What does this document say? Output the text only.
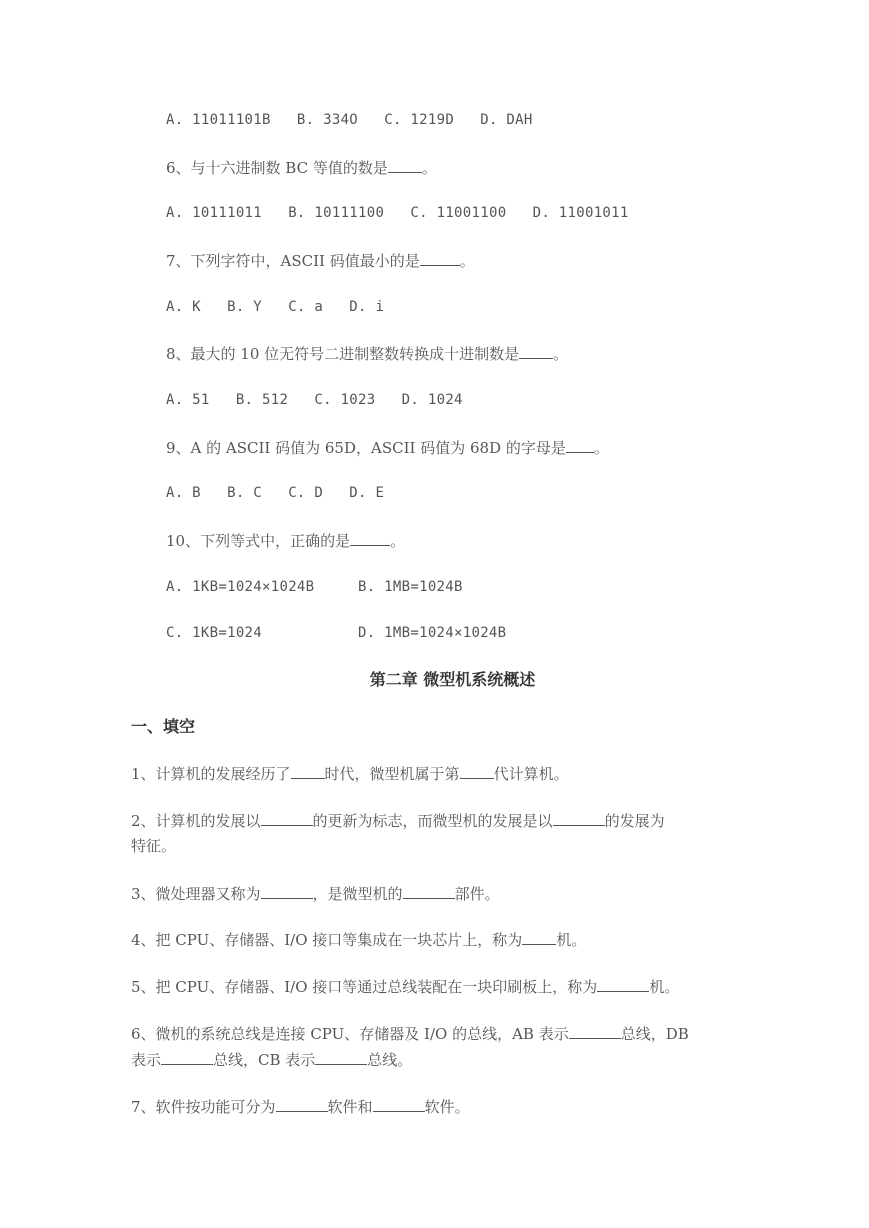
A. 11011101B   B. 334O   C. 1219D   D. DAH
6、与十六进制数 BC 等值的数是 。
A. 10111011   B. 10111100   C. 11001100   D. 11001011
7、下列字符中，ASCII 码值最小的是	。
A. K   B. Y   C. a   D. i
8、最大的 10 位无符号二进制整数转换成十进制数是 。
A. 51   B. 512   C. 1023   D. 1024
9、A 的 ASCII 码值为 65D，ASCII 码值为 68D 的字母是 。
A. B   B. C   C. D   D. E
10、下列等式中，正确的是	。
A. 1KB=1024×1024B	B. 1MB=1024B
C. 1KB=1024	D. 1MB=1024×1024B
第二章 微型机系统概述
一、填空
1、计算机的发展经历了 时代，微型机属于第 代计算机。
2、计算机的发展以	的更新为标志，而微型机的发展是以	的发展为
特征。
3、微处理器又称为	，是微型机的	部件。
4、把 CPU、存储器、I/O 接口等集成在一块芯片上，称为 机。
5、把 CPU、存储器、I/O 接口等通过总线装配在一块印刷板上，称为	机。
6、微机的系统总线是连接 CPU、存储器及 I/O 的总线，AB 表示	总线，DB
表示	总线，CB 表示	总线。
7、软件按功能可分为	软件和	软件。
